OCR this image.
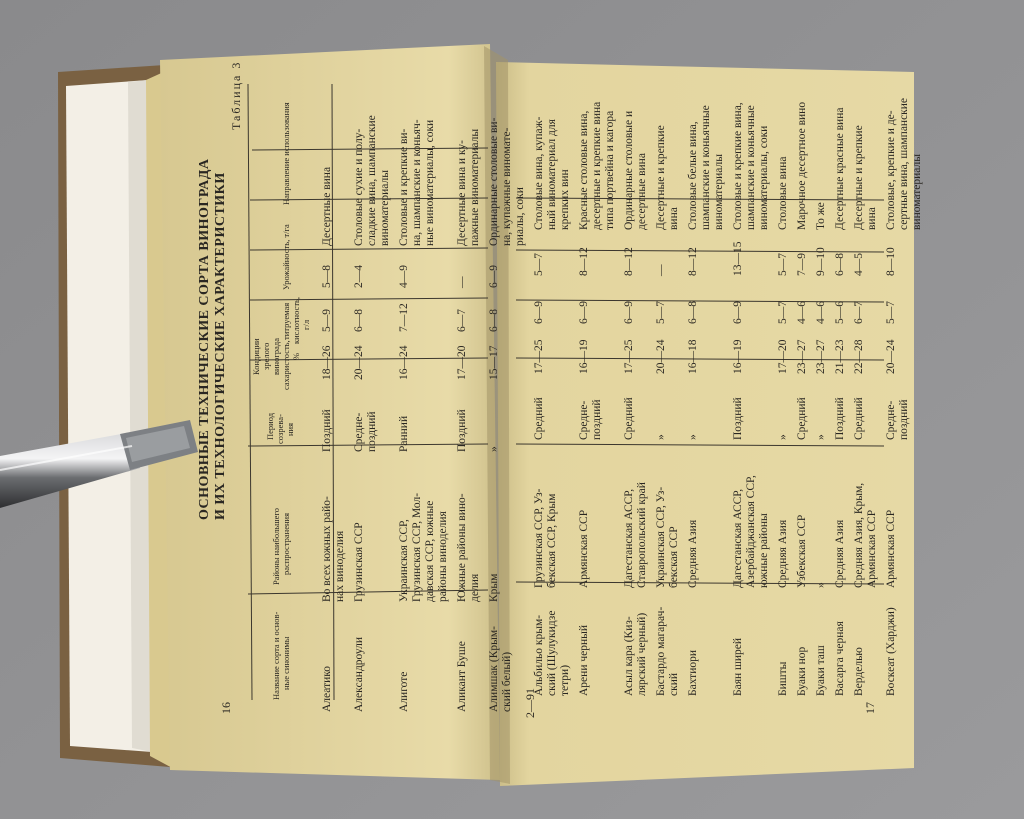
Таблица 3
ОСНОВНЫЕ ТЕХНИЧЕСКИЕ СОРТА ВИНОГРАДА И ИХ ТЕХНОЛОГИЧЕСКИЕ ХАРАКТЕРИСТИКИ
Название сорта и основ- ные синонимы
Районы наибольшего распространения
Период созрева- ния
Кондиции зрелого винограда сахаристость, %
титруемая кислотность, г/л
Урожайность, т/га
Направление использования
16	Алеатико
Во всех южных райо- нах виноделия
Поздний
Десертные вина
18—26
5—9
5—8
Александроули
Грузинская ССР
Средне- поздний
Столовые сухие и полу- сладкие вина, шампанские виноматериалы
20—24
6—8
2—4
Алиготе
Украинская ССР, Грузинская ССР, Мол- давская ССР, южные районы виноделия
Ранний
Столовые и крепкие ви- на, шампанские и коньяч- ные виноматериалы, соки
16—24
7—12
4—9
Аликант Буше
Южные районы вино- делия
Поздний
Десертные вина и ку- пажные виноматериалы
17—20
6—7
—
Алимшак (Крым- ский белый)
Крым
»
Ординарные столовые ви- на, купажные виномате- риалы, соки
15—17
6—8
6—9
17
2—91
Альбильо крым- ский (Шулукидзе тетри)
Грузинская ССР, Уз- бекская ССР, Крым
Средний
Столовые вина, купаж- ный виноматериал для крепких вин
17—25
6—9
5—7
Арени черный
Армянская ССР
Средне- поздний
Красные столовые вина, десертные и крепкие вина типа портвейна и кагора
16—19
6—9
8—12
Асыл кара (Киз- лярский черный)
Дагестанская АССР, Ставропольский край
Средний
Ординарные столовые и десертные вина
17—25
6—9
8—12
Бастардо магарач- ский
Украинская ССР, Уз- бекская ССР
»
Десертные и крепкие вина
20—24
5—7
—
Бахтиори
Средняя Азия
»
Столовые белые вина, шампанские и коньячные виноматериалы
16—18
6—8
8—12
Баян ширей
Дагестанская АССР, Азербайджанская ССР, южные районы
Поздний
Столовые и крепкие вина, шампанские и коньячные виноматериалы, соки
16—19
6—9
13—15
Бишты
Средняя Азия
»
Столовые вина
17—20
5—7
5—7
Буаки нор
Узбекская ССР
Средний
Марочное десертное вино
23—27
4—6
7—9
Буаки таш
»
»
То же
23—27
4—6
9—10
Васарга черная
Средняя Азия
Поздний
Десертные красные вина
21—23
5—6
6—8
Верделью
Средняя Азия, Крым, Армянская ССР
Средний
Десертные и крепкие вина
22—28
6—7
4—5
Воскеат (Харджи)
Армянская ССР
Средне- поздний
Столовые, крепкие и де- сертные вина, шампанские виноматериалы
20—24
5—7
8—10
